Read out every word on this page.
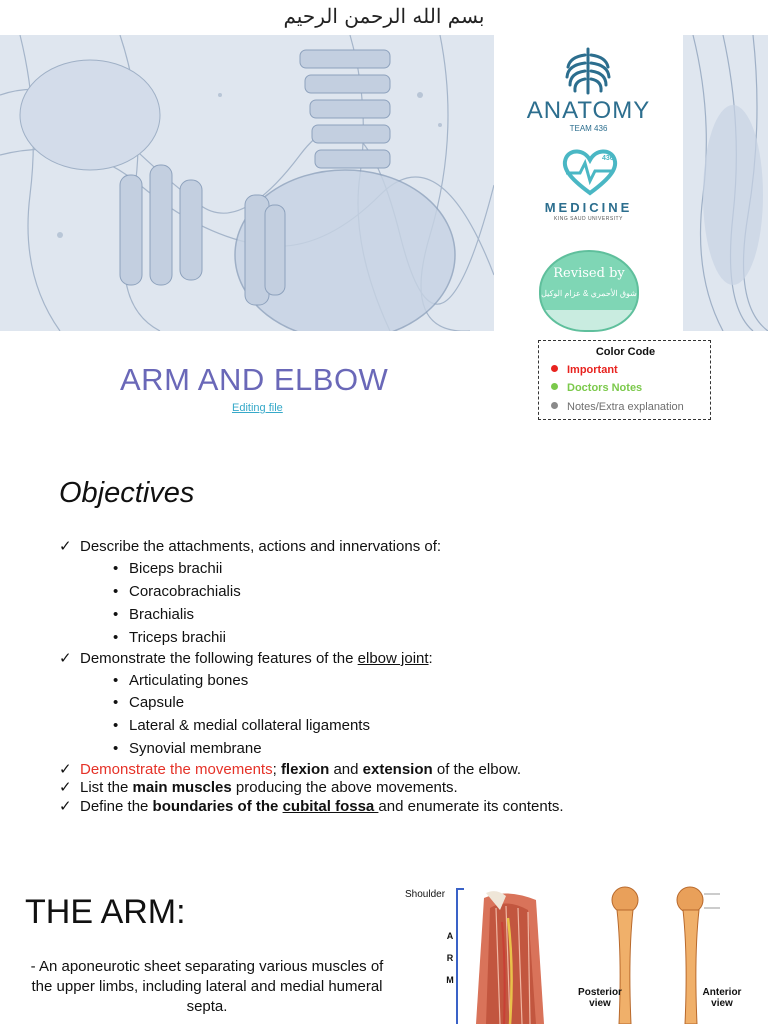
بسم الله الرحمن الرحيم
ANATOMY
TEAM 436
436
MEDICINE
KING SAUD UNIVERSITY
Revised by
شوق الأحمري & عزام الوكيل
ARM AND ELBOW
Editing file
Color Code
Important
Doctors Notes
Notes/Extra explanation
Objectives
✓ Describe the attachments, actions and innervations of:
• Biceps brachii
• Coracobrachialis
• Brachialis
• Triceps brachii
✓ Demonstrate the following features of the elbow joint:
• Articulating bones
• Capsule
• Lateral & medial collateral ligaments
• Synovial membrane
✓ Demonstrate the movements; flexion and extension of the elbow.
✓ List the main muscles producing the above movements.
✓ Define the boundaries of the cubital fossa and enumerate its contents.
THE ARM:
- An aponeurotic sheet separating various muscles of the upper limbs, including lateral and medial humeral septa.
Shoulder
ARM
Posterior view
Anterior view
